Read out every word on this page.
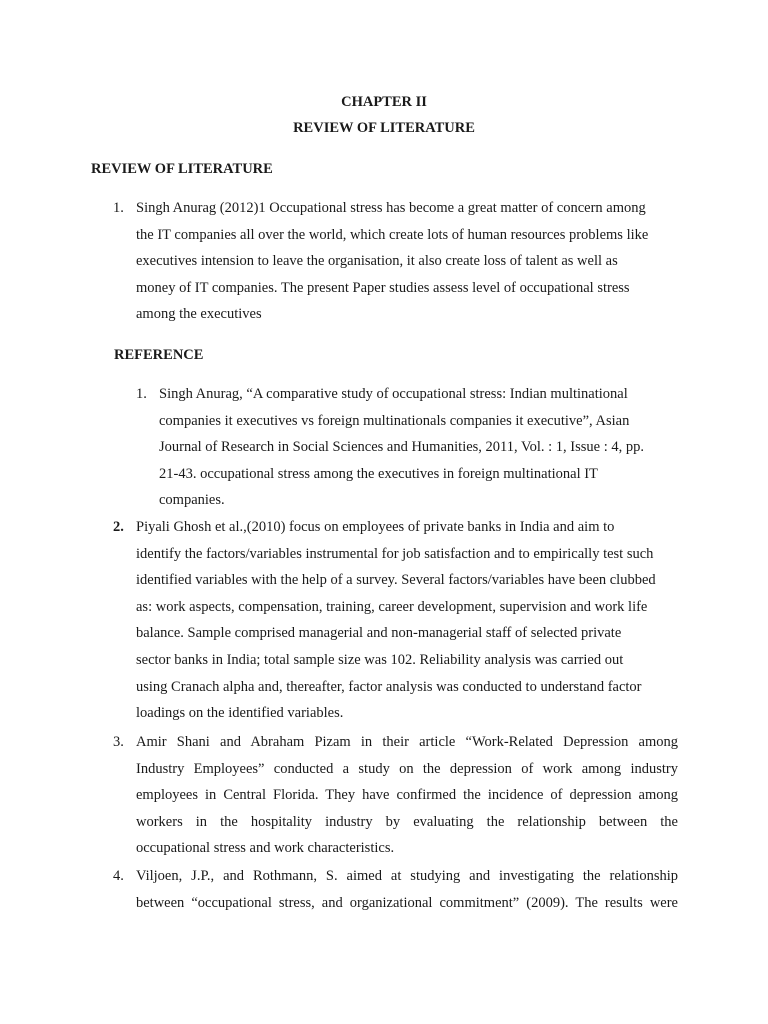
CHAPTER II
REVIEW OF LITERATURE
REVIEW OF LITERATURE
1. Singh Anurag (2012)1 Occupational stress has become a great matter of concern among
the IT companies all over the world, which create lots of human resources problems like
executives intension to leave the organisation, it also create loss of talent as well as
money of IT companies. The present Paper studies assess level of occupational stress
among the executives
REFERENCE
1. Singh Anurag, “A comparative study of occupational stress: Indian multinational
companies it executives vs foreign multinationals companies it executive”, Asian
Journal of Research in Social Sciences and Humanities, 2011, Vol. : 1, Issue : 4, pp.
21-43. occupational stress among the executives in foreign multinational IT
companies.
2. Piyali Ghosh et al.,(2010) focus on employees of private banks in India and aim to
identify the factors/variables instrumental for job satisfaction and to empirically test such
identified variables with the help of a survey. Several factors/variables have been clubbed
as: work aspects, compensation, training, career development, supervision and work life
balance. Sample comprised managerial and non-managerial staff of selected private
sector banks in India; total sample size was 102. Reliability analysis was carried out
using Cranach alpha and, thereafter, factor analysis was conducted to understand factor
loadings on the identified variables.
3. Amir Shani and Abraham Pizam in their article “Work-Related Depression among
Industry Employees” conducted a study on the depression of work among industry
employees in Central Florida. They have confirmed the incidence of depression among
workers in the hospitality industry by evaluating the relationship between the
occupational stress and work characteristics.
4. Viljoen, J.P., and Rothmann, S. aimed at studying and investigating the relationship
between “occupational stress, and organizational commitment” (2009). The results were
